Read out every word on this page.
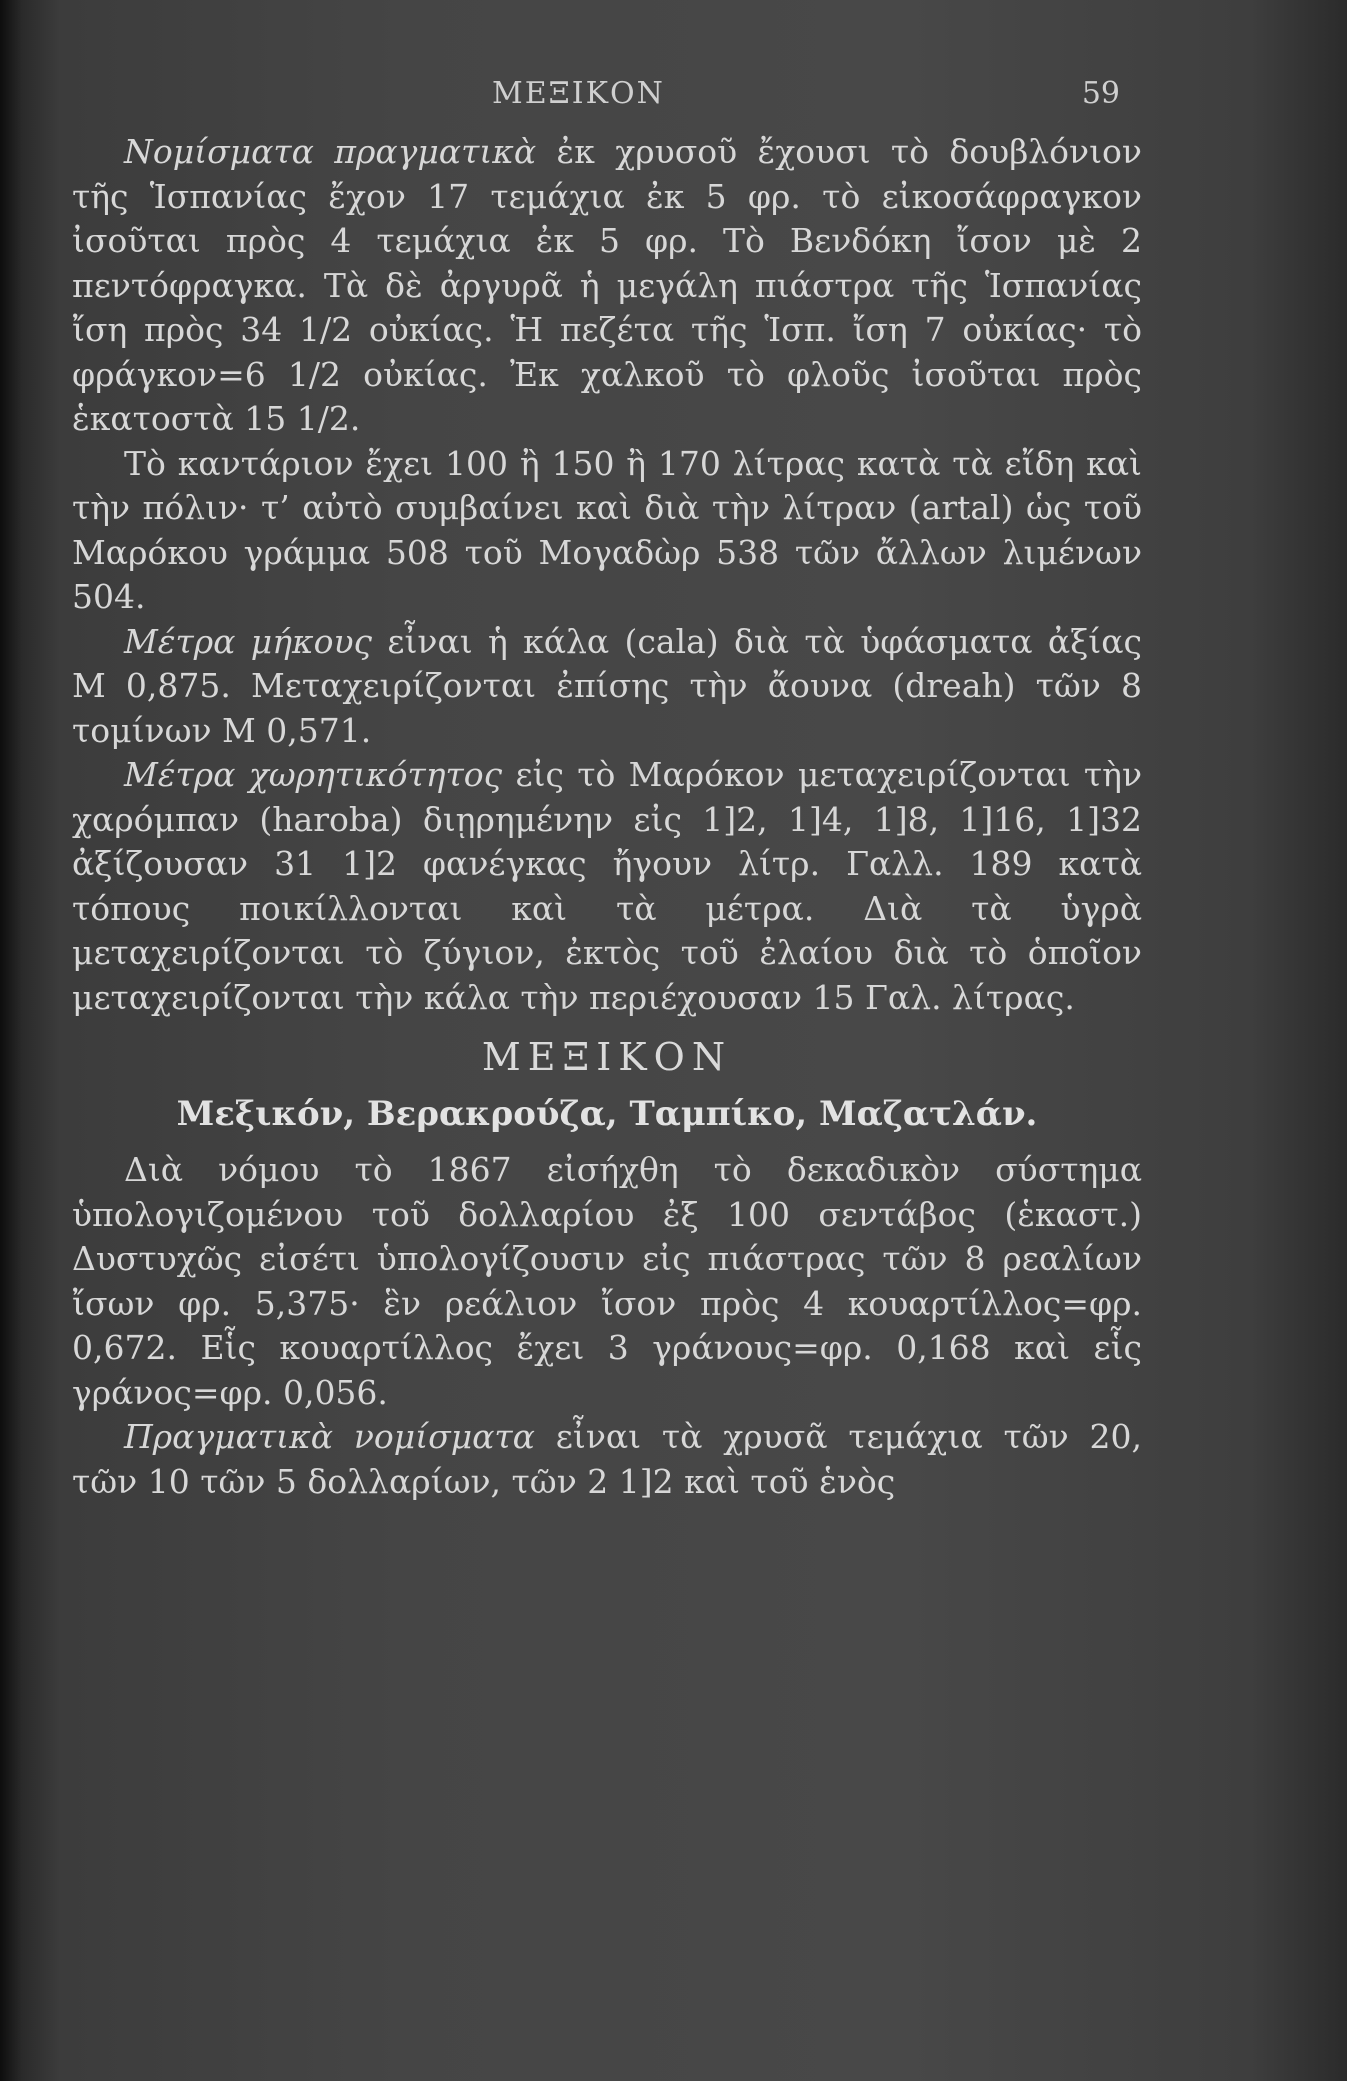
ΜΕΞΙΚΟΝ	59

Νομίσματα πραγματικὰ ἐκ χρυσοῦ ἔχουσι τὸ δουβλόνιον τῆς Ἱσπανίας ἔχον 17 τεμάχια ἐκ 5 φρ. τὸ εἰκοσάφραγκον ἰσοῦται πρὸς 4 τεμάχια ἐκ 5 φρ. Τὸ Βενδόκη ἴσον μὲ 2 πεντόφραγκα. Τὰ δὲ ἀργυρᾶ ἡ μεγάλη πιάστρα τῆς Ἱσπανίας ἴση πρὸς 34 1/2 οὐκίας. Ἡ πεζέτα τῆς Ἱσπ. ἴση 7 οὐκίας· τὸ φράγκον=6 1/2 οὐκίας. Ἐκ χαλκοῦ τὸ φλοῦς ἰσοῦται πρὸς ἑκατοστὰ 15 1/2.

Τὸ καντάριον ἔχει 100 ἢ 150 ἢ 170 λίτρας κατὰ τὰ εἴδη καὶ τὴν πόλιν· τ’ αὐτὸ συμβαίνει καὶ διὰ τὴν λίτραν (artal) ὡς τοῦ Μαρόκου γράμμα 508 τοῦ Μογαδὼρ 538 τῶν ἄλλων λιμένων 504.

Μέτρα μήκους εἶναι ἡ κάλα (cala) διὰ τὰ ὑφάσματα ἀξίας Μ 0,875. Μεταχειρίζονται ἐπίσης τὴν ἄουνα (dreah) τῶν 8 τομίνων Μ 0,571.

Μέτρα χωρητικότητος εἰς τὸ Μαρόκον μεταχειρίζονται τὴν χαρόμπαν (haroba) διῃρημένην εἰς 1]2, 1]4, 1]8, 1]16, 1]32 ἀξίζουσαν 31 1]2 φανέγκας ἤγουν λίτρ. Γαλλ. 189 κατὰ τόπους ποικίλλονται καὶ τὰ μέτρα. Διὰ τὰ ὑγρὰ μεταχειρίζονται τὸ ζύγιον, ἐκτὸς τοῦ ἐλαίου διὰ τὸ ὁποῖον μεταχειρίζονται τὴν κάλα τὴν περιέχουσαν 15 Γαλ. λίτρας.

ΜΕΞΙΚΟΝ
Μεξικόν, Βερακρούζα, Ταμπίκο, Μαζατλάν.

Διὰ νόμου τὸ 1867 εἰσήχθη τὸ δεκαδικὸν σύστημα ὑπολογιζομένου τοῦ δολλαρίου ἐξ 100 σεντάβος (ἑκαστ.) Δυστυχῶς εἰσέτι ὑπολογίζουσιν εἰς πιάστρας τῶν 8 ρεαλίων ἴσων φρ. 5,375· ἓν ρεάλιον ἴσον πρὸς 4 κουαρτίλλος=φρ. 0,672. Εἷς κουαρτίλλος ἔχει 3 γράνους=φρ. 0,168 καὶ εἷς γράνος=φρ. 0,056.

Πραγματικὰ νομίσματα εἶναι τὰ χρυσᾶ τεμάχια τῶν 20, τῶν 10 τῶν 5 δολλαρίων, τῶν 2 1]2 καὶ τοῦ ἑνὸς
